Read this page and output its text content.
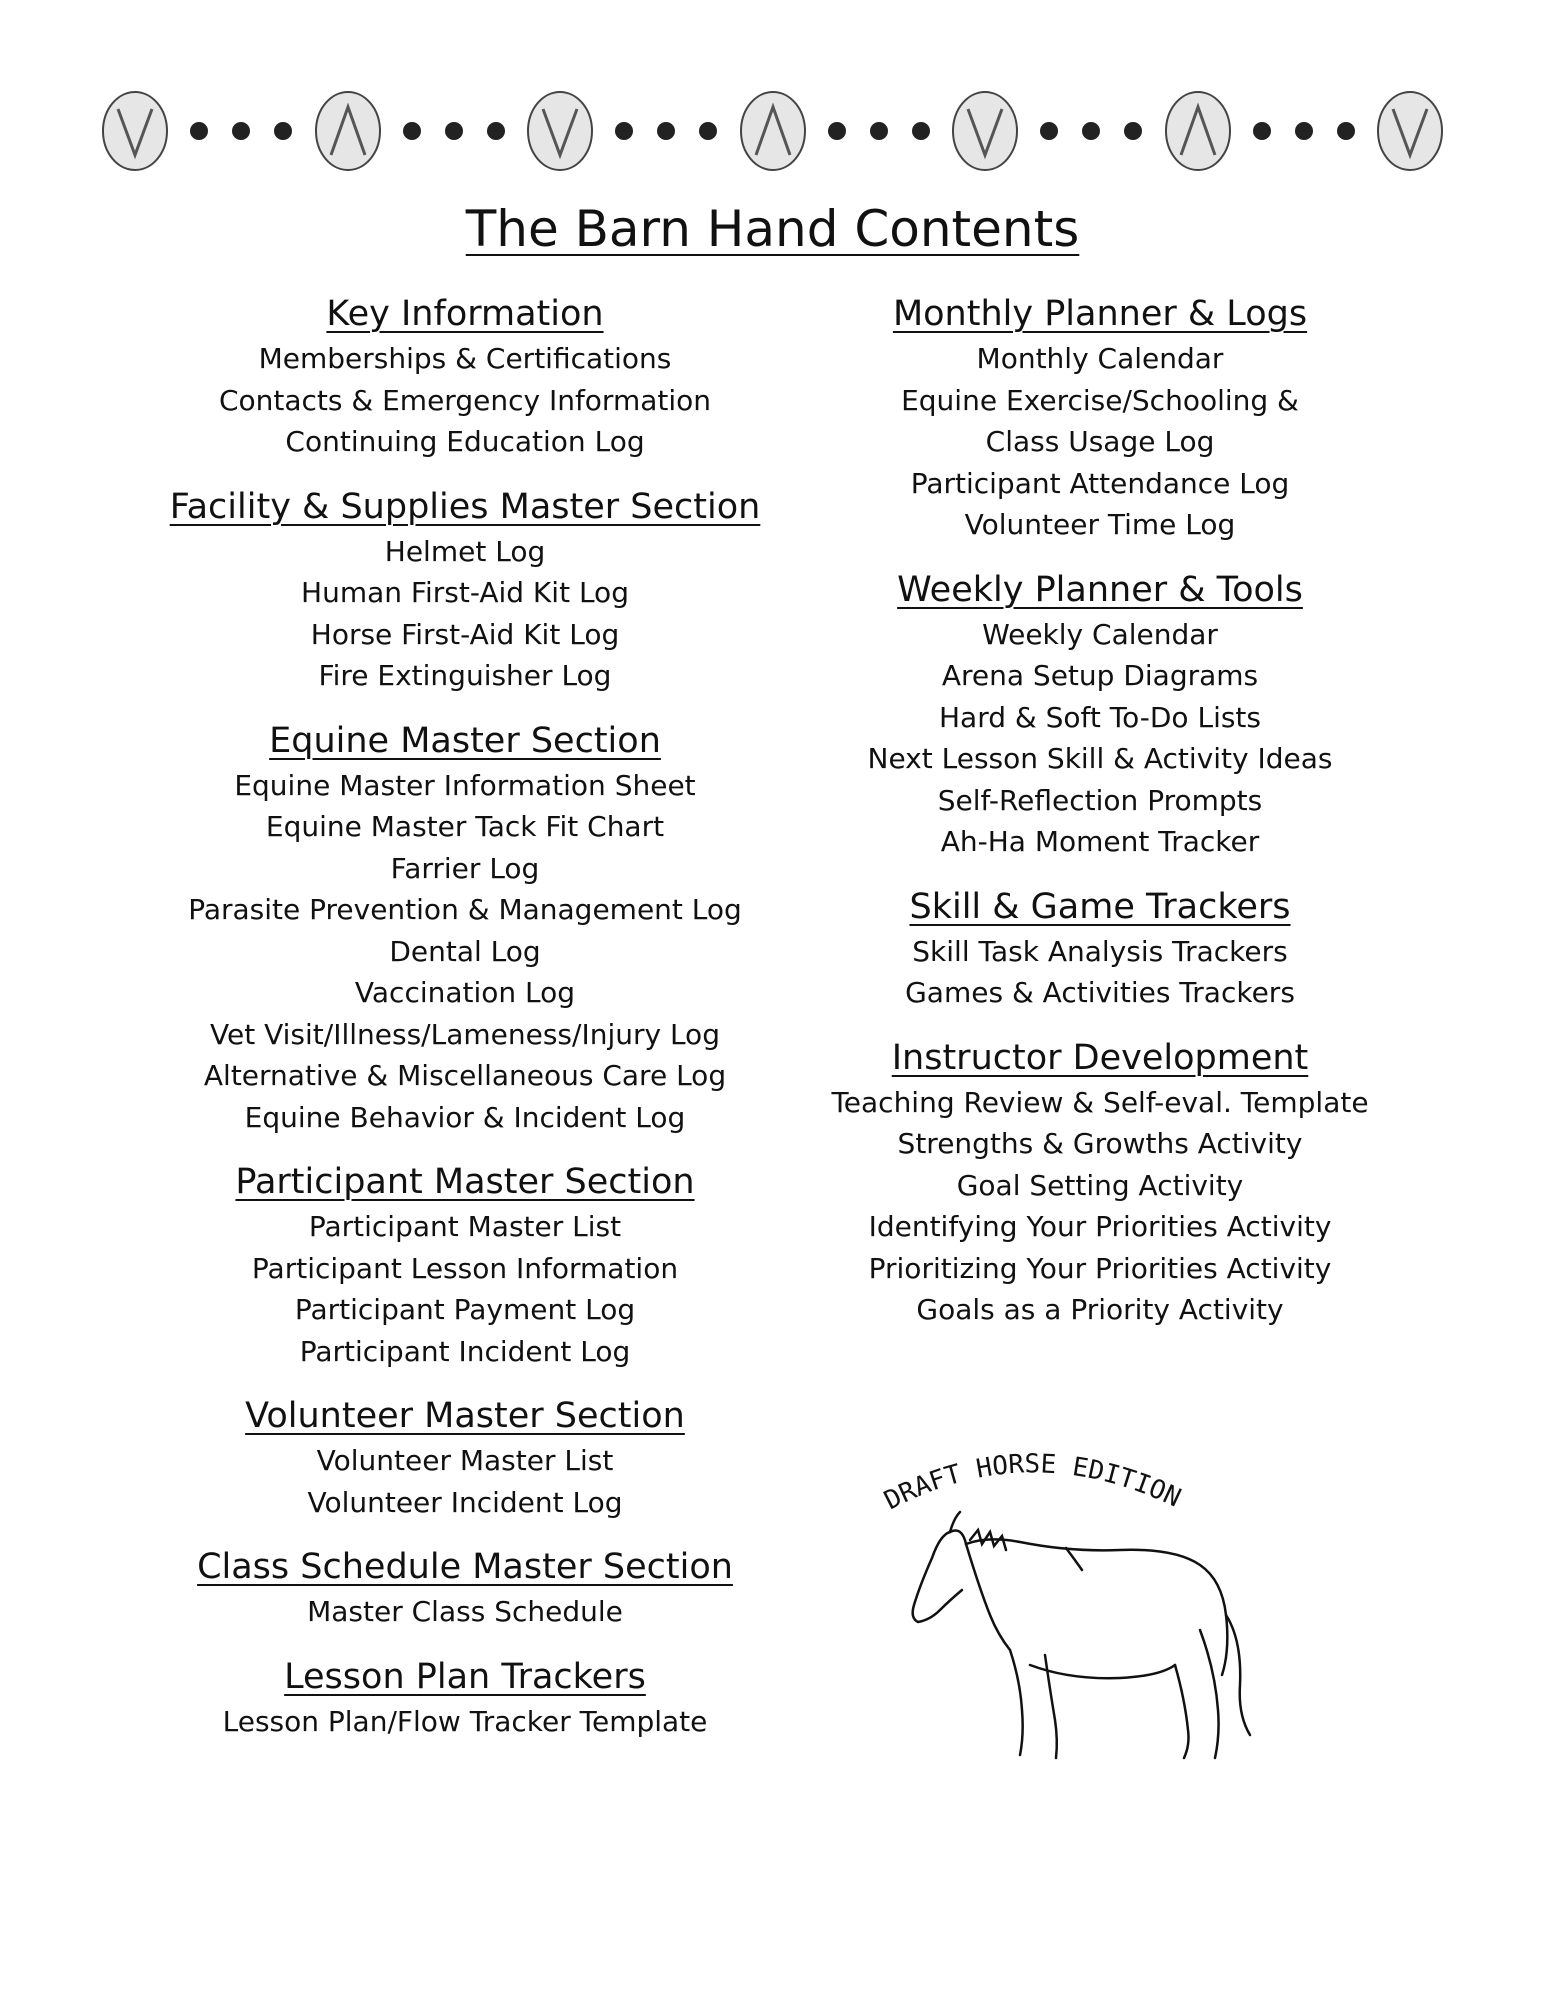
The Barn Hand Contents
Key Information
Memberships & Certifications
Contacts & Emergency Information
Continuing Education Log
Facility & Supplies Master Section
Helmet Log
Human First-Aid Kit Log
Horse First-Aid Kit Log
Fire Extinguisher Log
Equine Master Section
Equine Master Information Sheet
Equine Master Tack Fit Chart
Farrier Log
Parasite Prevention & Management Log
Dental Log
Vaccination Log
Vet Visit/Illness/Lameness/Injury Log
Alternative & Miscellaneous Care Log
Equine Behavior & Incident Log
Participant Master Section
Participant Master List
Participant Lesson Information
Participant Payment Log
Participant Incident Log
Volunteer Master Section
Volunteer Master List
Volunteer Incident Log
Class Schedule Master Section
Master Class Schedule
Lesson Plan Trackers
Lesson Plan/Flow Tracker Template
Monthly Planner & Logs
Monthly Calendar
Equine Exercise/Schooling &
Class Usage Log
Participant Attendance Log
Volunteer Time Log
Weekly Planner & Tools
Weekly Calendar
Arena Setup Diagrams
Hard & Soft To-Do Lists
Next Lesson Skill & Activity Ideas
Self-Reflection Prompts
Ah-Ha Moment Tracker
Skill & Game Trackers
Skill Task Analysis Trackers
Games & Activities Trackers
Instructor Development
Teaching Review & Self-eval. Template
Strengths & Growths Activity
Goal Setting Activity
Identifying Your Priorities Activity
Prioritizing Your Priorities Activity
Goals as a Priority Activity
DRAFT HORSE EDITION
